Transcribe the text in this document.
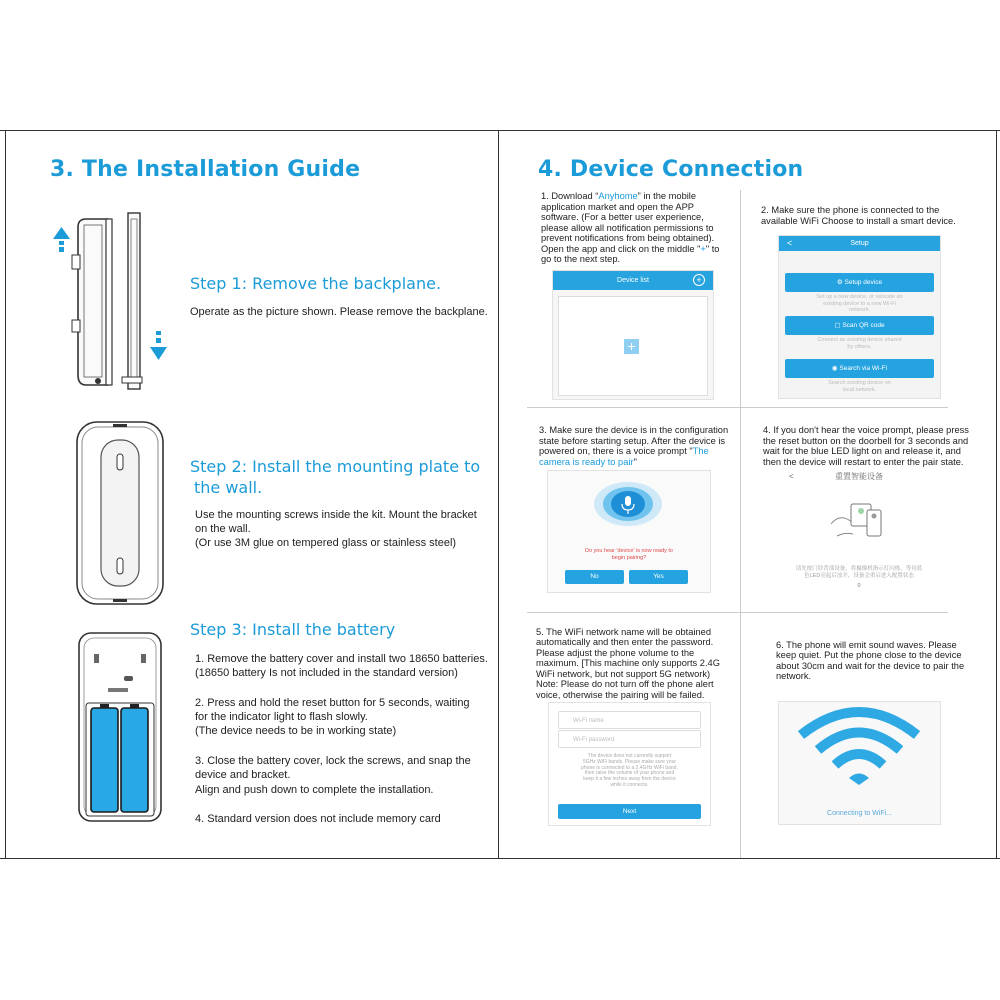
3. The Installation Guide
Step 1: Remove the backplane.
Operate as the picture shown. Please remove the backplane.
Step 2: Install the mounting plate to
the wall.
Use the mounting screws inside the kit. Mount the bracket
on the wall.
(Or use 3M glue on tempered glass or stainless steel)
Step 3: Install the battery
1. Remove the battery cover and install two 18650 batteries.
(18650 battery Is not included in the standard version)
2. Press and hold the reset button for 5 seconds, waiting
for the indicator light to flash slowly.
(The device needs to be in working state)
3. Close the battery cover, lock the screws, and snap the
device and bracket.
Align and push down to complete the installation.
4. Standard version does not include memory card
4. Device Connection
1. Download “Anyhome” in the mobile
application market and open the APP
software. (For a better user experience,
please allow all notification permissions to
prevent notifications from being obtained).
Open the app and click on the middle "+" to
go to the next step.
Device list	+
+
2. Make sure the phone is connected to the
available WiFi Choose to install a smart device.
<	Setup
⚙ Setup device
Set up a new device, or relocate an
existing device to a new Wi-Fi
network.
▢ Scan QR code
Connect an existing device shared
by others.
◉ Search via Wi-Fi
Search existing device on
local network.
3. Make sure the device is in the configuration
state before starting setup. After the device is
powered on, there is a voice prompt "The
camera is ready to pair"
Do you hear 'device' is now ready to
begin pairing?
No	Yes
4. If you don't hear the voice prompt, please press
the reset button on the doorbell for 3 seconds and
wait for the blue LED light on and release it, and
then the device will restart to enter the pair state.
<	重置智能设备
请先按门铃背部设备，将摄像机指示灯闪烁，等待蓝
色LED亮起后放开，设备会重启进入配置状态
0
5. The WiFi network name will be obtained
automatically and then enter the password.
Please adjust the phone volume to the
maximum. [This machine only supports 2.4G
WiFi network, but not support 5G network)
Note: Please do not turn off the phone alert
voice, otherwise the pairing will be failed.
Wi-Fi name
Wi-Fi password
The device does not currently support
5GHz WiFi bands. Please make sure your
phone is connected to a 2.4GHz WiFi band,
then raise the volume of your phone and
keep it a few inches away from the device
while it connects.
Next
6. The phone will emit sound waves. Please
keep quiet. Put the phone close to the device
about 30cm and wait for the device to pair the
network.
Connecting to WiFi...
